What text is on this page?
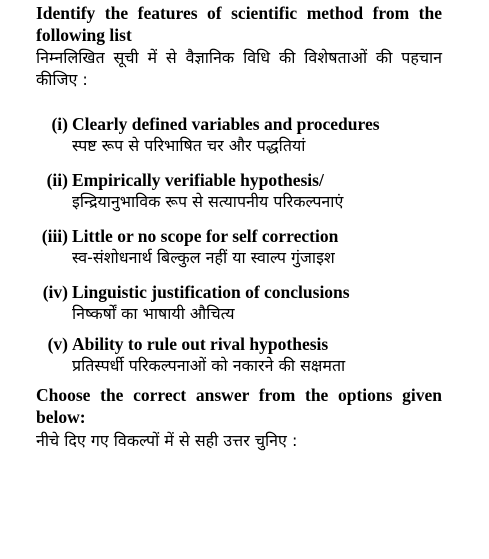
Identify the features of scientific method from the following list
निम्नलिखित सूची में से वैज्ञानिक विधि की विशेषताओं की पहचान कीजिए :
(i) Clearly defined variables and procedures
स्पष्ट रूप से परिभाषित चर और पद्धतियां
(ii) Empirically verifiable hypothesis/
इन्द्रियानुभाविक रूप से सत्यापनीय परिकल्पनाएं
(iii) Little or no scope for self correction
स्व-संशोधनार्थ बिल्कुल नहीं या स्वाल्प गुंजाइश
(iv) Linguistic justification of conclusions
निष्कर्षों का भाषायी औचित्य
(v) Ability to rule out rival hypothesis
प्रतिस्पर्धी परिकल्पनाओं को नकारने की सक्षमता
Choose the correct answer from the options given below:
नीचे दिए गए विकल्पों में से सही उत्तर चुनिए :
